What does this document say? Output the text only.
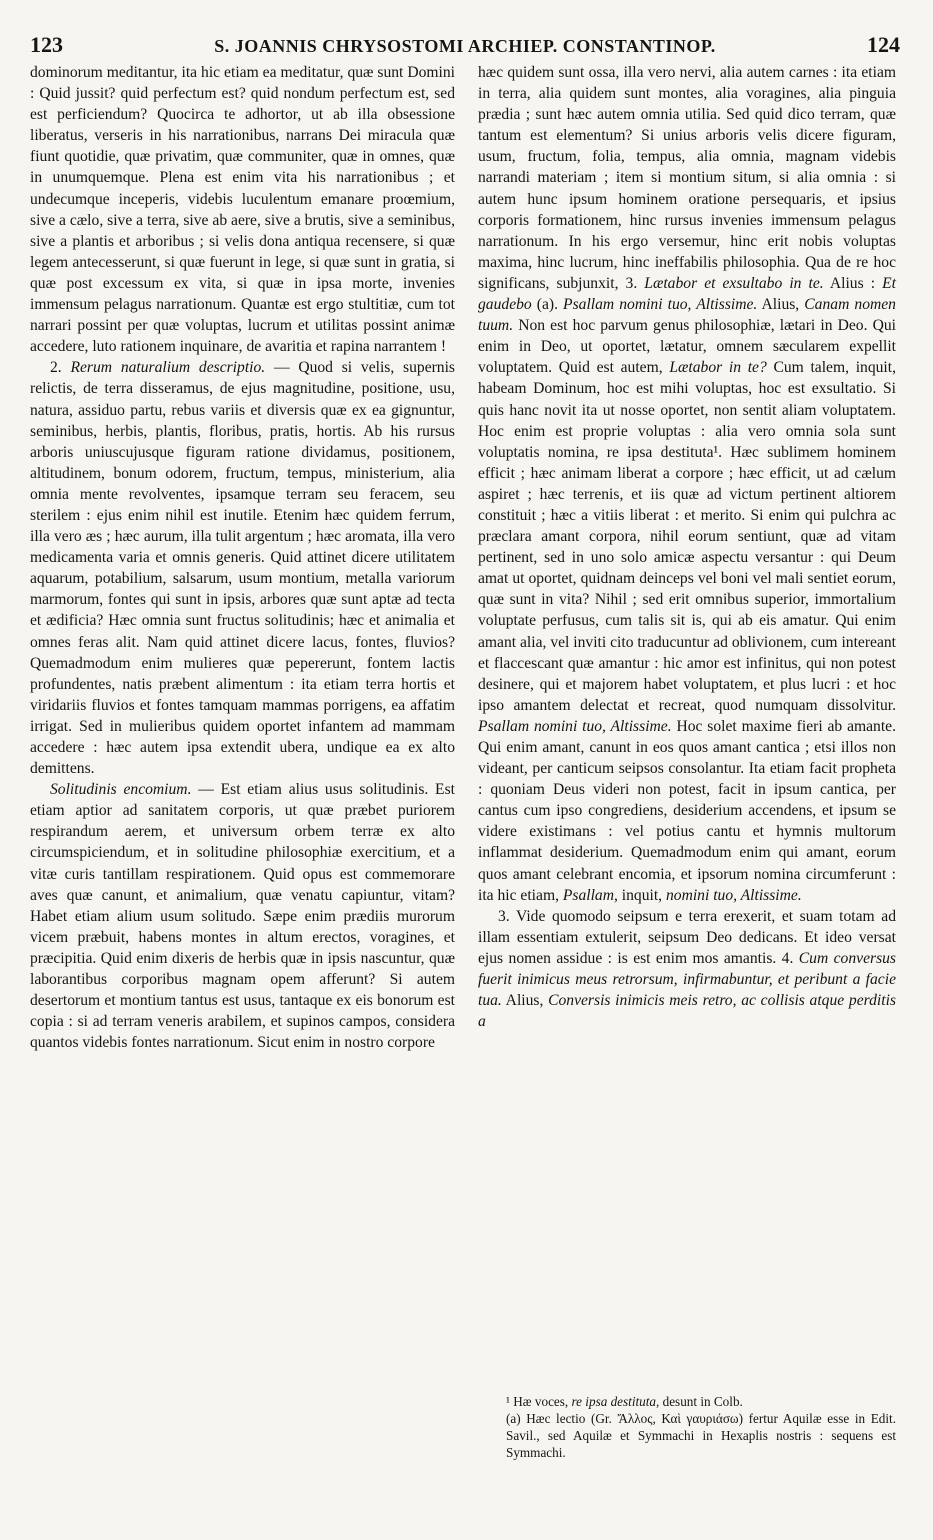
123	S. JOANNIS CHRYSOSTOMI ARCHIEP. CONSTANTINOP.	124

dominorum meditantur, ita hic etiam ea meditatur, quæ sunt Domini : Quid jussit? quid perfectum est? quid nondum perfectum est, sed est perficiendum? Quocirca te adhortor, ut ab illa obsessione liberatus, verseris in his narrationibus, narrans Dei miracula quæ fiunt quotidie, quæ privatim, quæ communiter, quæ in omnes, quæ in unumquemque. Plena est enim vita his narrationibus ; et undecumque inceperis, videbis luculentum emanare proœmium, sive a cælo, sive a terra, sive ab aere, sive a brutis, sive a seminibus, sive a plantis et arboribus ; si velis dona antiqua recensere, si quæ legem antecesserunt, si quæ fuerunt in lege, si quæ sunt in gratia, si quæ post excessum ex vita, si quæ in ipsa morte, invenies immensum pelagus narrationum. Quantæ est ergo stultitiæ, cum tot narrari possint per quæ voluptas, lucrum et utilitas possint animæ accedere, luto rationem inquinare, de avaritia et rapina narrantem !

2. Rerum naturalium descriptio. — Quod si velis, supernis relictis, de terra disseramus, de ejus magnitudine, positione, usu, natura, assiduo partu, rebus variis et diversis quæ ex ea gignuntur, seminibus, herbis, plantis, floribus, pratis, hortis. Ab his rursus arboris uniuscujusque figuram ratione dividamus, positionem, altitudinem, bonum odorem, fructum, tempus, ministerium, alia omnia mente revolventes, ipsamque terram seu feracem, seu sterilem : ejus enim nihil est inutile. Etenim hæc quidem ferrum, illa vero æs ; hæc aurum, illa tulit argentum ; hæc aromata, illa vero medicamenta varia et omnis generis. Quid attinet dicere utilitatem aquarum, potabilium, salsarum, usum montium, metalla variorum marmorum, fontes qui sunt in ipsis, arbores quæ sunt aptæ ad tecta et ædificia? Hæc omnia sunt fructus solitudinis; hæc et animalia et omnes feras alit. Nam quid attinet dicere lacus, fontes, fluvios? Quemadmodum enim mulieres quæ pepererunt, fontem lactis profundentes, natis præbent alimentum : ita etiam terra hortis et viridariis fluvios et fontes tamquam mammas porrigens, ea affatim irrigat. Sed in mulieribus quidem oportet infantem ad mammam accedere : hæc autem ipsa extendit ubera, undique ea ex alto demittens.

Solitudinis encomium. — Est etiam alius usus solitudinis. Est etiam aptior ad sanitatem corporis, ut quæ præbet puriorem respirandum aerem, et universum orbem terræ ex alto circumspiciendum, et in solitudine philosophiæ exercitium, et a vitæ curis tantillam respirationem. Quid opus est commemorare aves quæ canunt, et animalium, quæ venatu capiuntur, vitam? Habet etiam alium usum solitudo. Sæpe enim prædiis murorum vicem præbuit, habens montes in altum erectos, voragines, et præcipitia. Quid enim dixeris de herbis quæ in ipsis nascuntur, quæ laborantibus corporibus magnam opem afferunt? Si autem desertorum et montium tantus est usus, tantaque ex eis bonorum est copia : si ad terram veneris arabilem, et supinos campos, considera quantos videbis fontes narrationum. Sicut enim in nostro corpore

hæc quidem sunt ossa, illa vero nervi, alia autem carnes : ita etiam in terra, alia quidem sunt montes, alia voragines, alia pinguia prædia ; sunt hæc autem omnia utilia. Sed quid dico terram, quæ tantum est elementum? Si unius arboris velis dicere figuram, usum, fructum, folia, tempus, alia omnia, magnam videbis narrandi materiam ; item si montium situm, si alia omnia : si autem hunc ipsum hominem oratione persequaris, et ipsius corporis formationem, hinc rursus invenies immensum pelagus narrationum. In his ergo versemur, hinc erit nobis voluptas maxima, hinc lucrum, hinc ineffabilis philosophia. Qua de re hoc significans, subjunxit, 3. Lætabor et exsultabo in te. Alius : Et gaudebo (a). Psallam nomini tuo, Altissime. Alius, Canam nomen tuum. Non est hoc parvum genus philosophiæ, lætari in Deo. Qui enim in Deo, ut oportet, lætatur, omnem sæcularem expellit voluptatem. Quid est autem, Lætabor in te? Cum talem, inquit, habeam Dominum, hoc est mihi voluptas, hoc est exsultatio. Si quis hanc novit ita ut nosse oportet, non sentit aliam voluptatem. Hoc enim est proprie voluptas : alia vero omnia sola sunt voluptatis nomina, re ipsa destituta¹. Hæc sublimem hominem efficit ; hæc animam liberat a corpore ; hæc efficit, ut ad cælum aspiret ; hæc terrenis, et iis quæ ad victum pertinent altiorem constituit ; hæc a vitiis liberat : et merito. Si enim qui pulchra ac præclara amant corpora, nihil eorum sentiunt, quæ ad vitam pertinent, sed in uno solo amicæ aspectu versantur : qui Deum amat ut oportet, quidnam deinceps vel boni vel mali sentiet eorum, quæ sunt in vita? Nihil ; sed erit omnibus superior, immortalium voluptate perfusus, cum talis sit is, qui ab eis amatur. Qui enim amant alia, vel inviti cito traducuntur ad oblivionem, cum intereant et flaccescant quæ amantur : hic amor est infinitus, qui non potest desinere, qui et majorem habet voluptatem, et plus lucri : et hoc ipso amantem delectat et recreat, quod numquam dissolvitur. Psallam nomini tuo, Altissime. Hoc solet maxime fieri ab amante. Qui enim amant, canunt in eos quos amant cantica ; etsi illos non videant, per canticum seipsos consolantur. Ita etiam facit propheta : quoniam Deus videri non potest, facit in ipsum cantica, per cantus cum ipso congrediens, desiderium accendens, et ipsum se videre existimans : vel potius cantu et hymnis multorum inflammat desiderium. Quemadmodum enim qui amant, eorum quos amant celebrant encomia, et ipsorum nomina circumferunt : ita hic etiam, Psallam, inquit, nomini tuo, Altissime.

3. Vide quomodo seipsum e terra erexerit, et suam totam ad illam essentiam extulerit, seipsum Deo dedicans. Et ideo versat ejus nomen assidue : is est enim mos amantis. 4. Cum conversus fuerit inimicus meus retrorsum, infirmabuntur, et peribunt a facie tua. Alius, Conversis inimicis meis retro, ac collisis atque perditis a

¹ Hæ voces, re ipsa destituta, desunt in Colb.

(a) Hæc lectio (Gr. Ἄλλος, Καὶ γαυριάσω) fertur Aquilæ esse in Edit. Savil., sed Aquilæ et Symmachi in Hexaplis nostris : sequens est Symmachi.
